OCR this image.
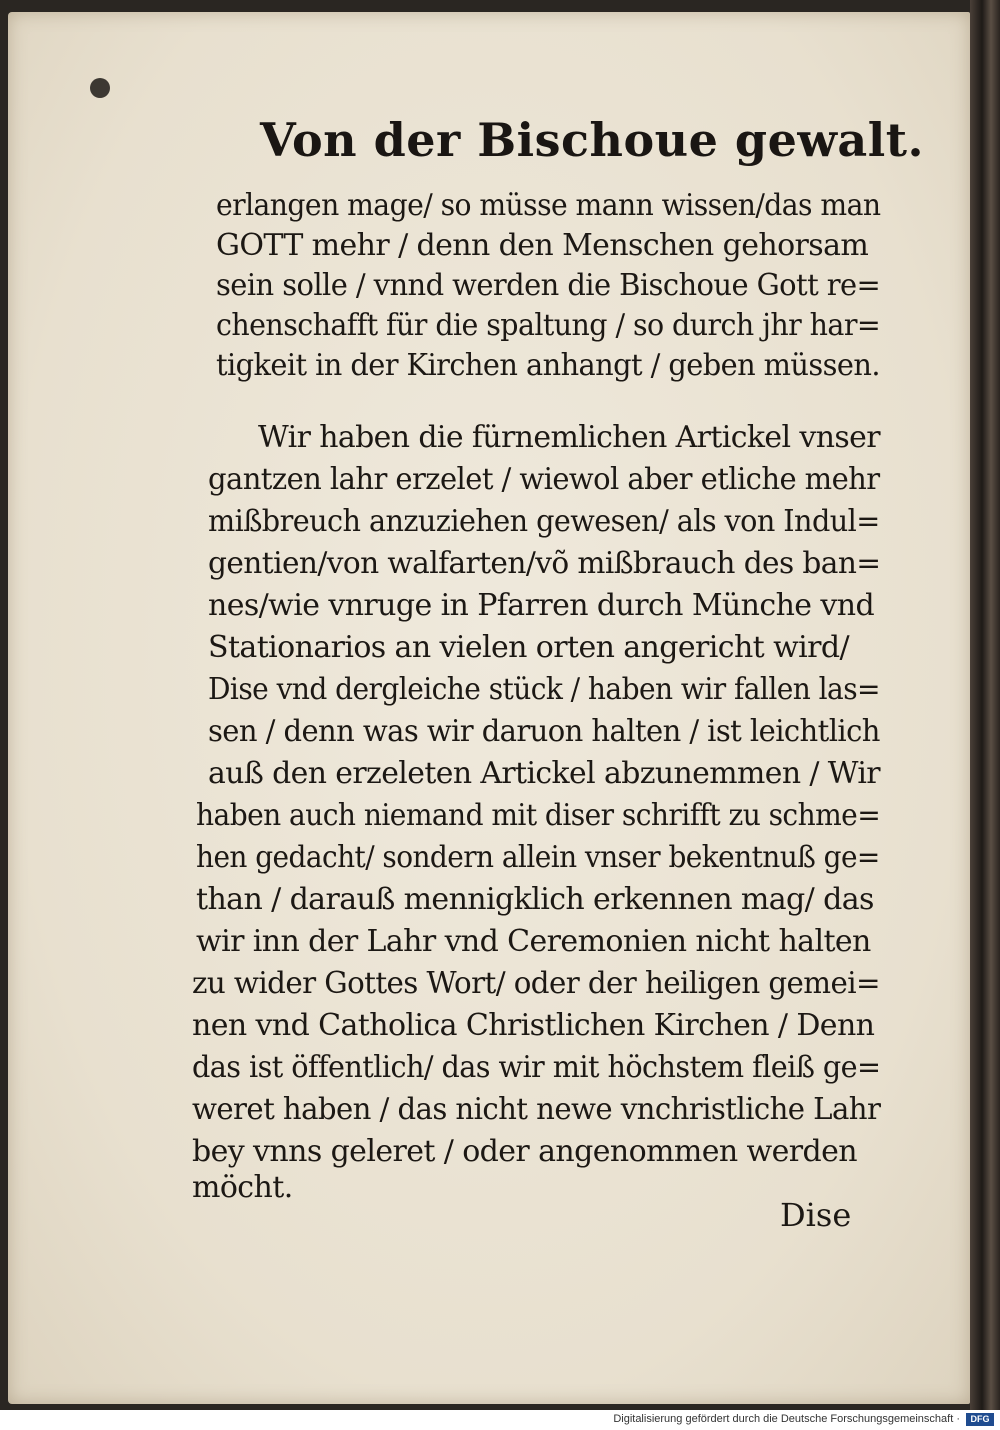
Von der Bischoue gewalt.
erlangen mage/ so müsse mann wissen/das man
GOTT mehr / denn den Menschen gehorsam
sein solle / vnnd werden die Bischoue Gott re=
chenschafft für die spaltung / so durch jhr har=
tigkeit in der Kirchen anhangt / geben müssen.
Wir haben die fürnemlichen Artickel vnser
gantzen lahr erzelet / wiewol aber etliche mehr
mißbreuch anzuziehen gewesen/ als von Indul=
gentien/von walfarten/võ mißbrauch des ban=
nes/wie vnruge in Pfarren durch Münche vnd
Stationarios an vielen orten angericht wird/
Dise vnd dergleiche stück / haben wir fallen las=
sen / denn was wir daruon halten / ist leichtlich
auß den erzeleten Artickel abzunemmen / Wir
haben auch niemand mit diser schrifft zu schme=
hen gedacht/ sondern allein vnser bekentnuß ge=
than / darauß mennigklich erkennen mag/ das
wir inn der Lahr vnd Ceremonien nicht halten
zu wider Gottes Wort/ oder der heiligen gemei=
nen vnd Catholica Christlichen Kirchen / Denn
das ist öffentlich/ das wir mit höchstem fleiß ge=
weret haben / das nicht newe vnchristliche Lahr
bey vnns geleret / oder angenommen werden
möcht.
Dise
Digitalisierung gefördert durch die Deutsche Forschungsgemeinschaft ·	DFG
